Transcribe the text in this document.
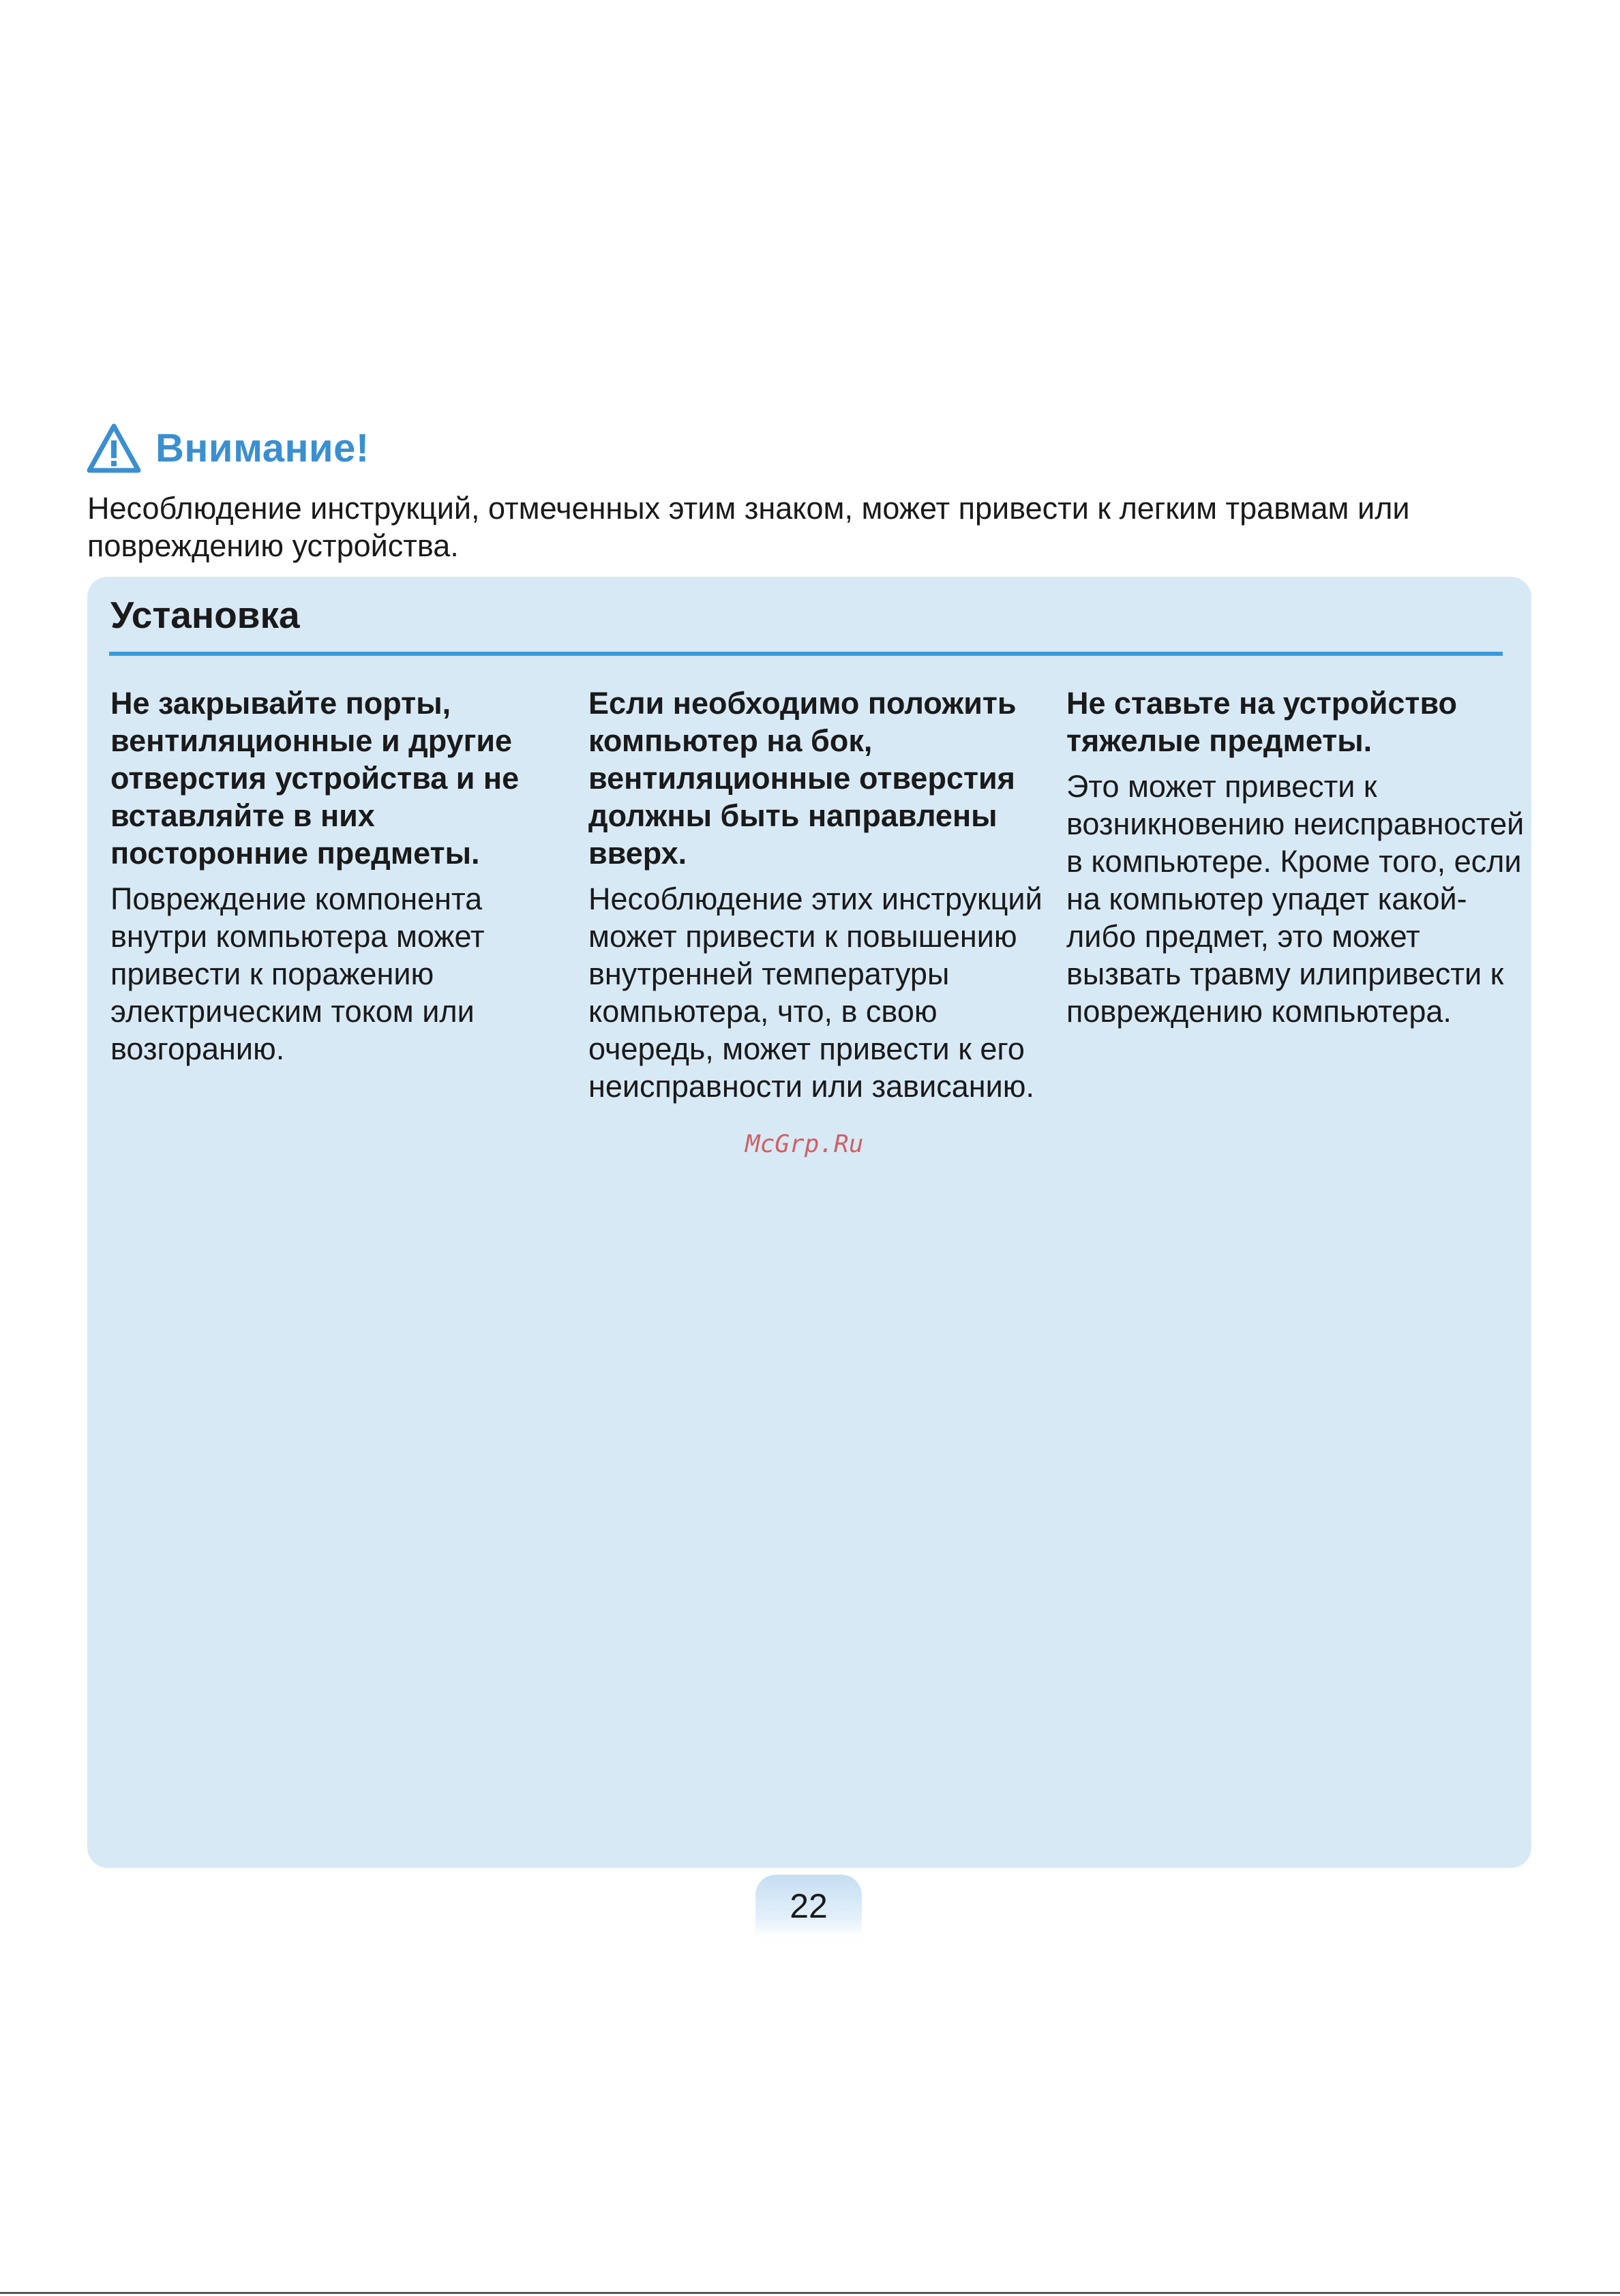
Внимание!
Несоблюдение инструкций, отмеченных этим знаком, может привести к легким травмам или повреждению устройства.
Установка
Не закрывайте порты, вентиляционные и другие отверстия устройства и не вставляйте в них посторонние предметы.
Повреждение компонента внутри компьютера может привести к поражению электрическим током или возгоранию.
Если необходимо положить компьютер на бок, вентиляционные отверстия должны быть направлены вверх.
Несоблюдение этих инструкций может привести к повышению внутренней температуры компьютера, что, в свою очередь, может привести к его неисправности или зависанию.
Не ставьте на устройство тяжелые предметы.
Это может привести к возникновению неисправностей в компьютере. Кроме того, если на компьютер упадет какой-либо предмет, это может вызвать травму илипривести к повреждению компьютера.
McGrp.Ru
22
